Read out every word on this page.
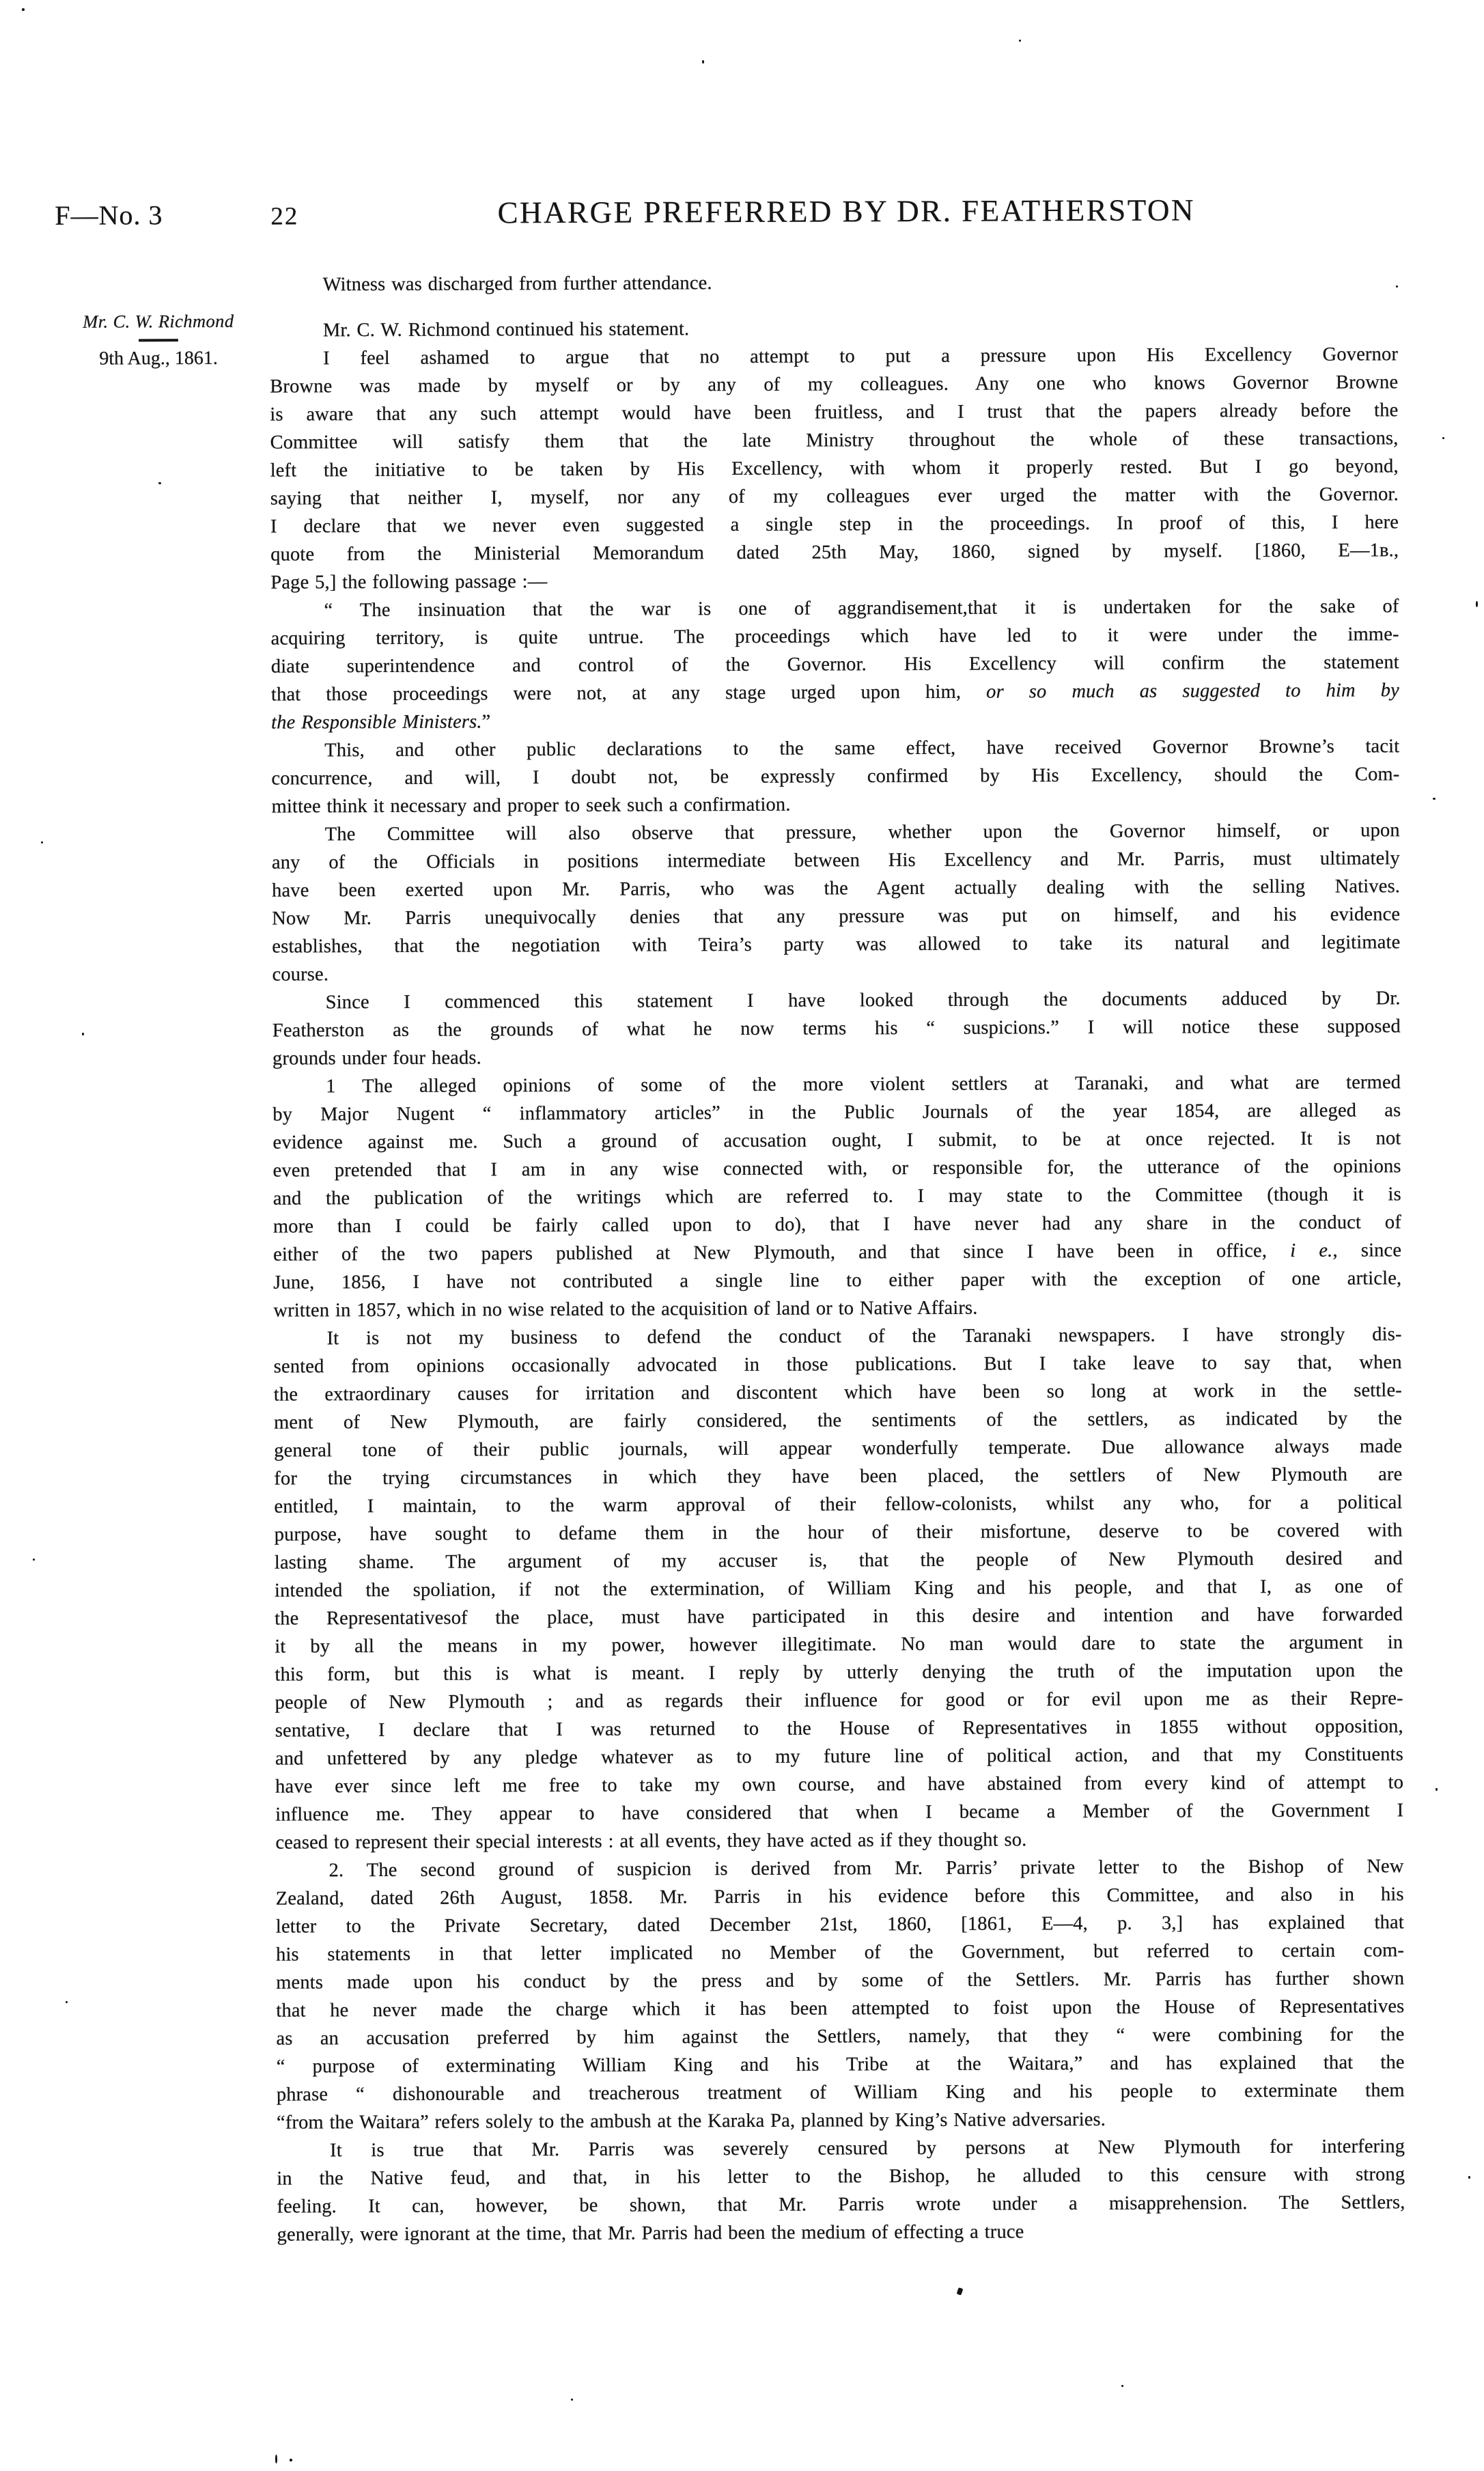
F—No. 3	22	CHARGE PREFERRED BY DR. FEATHERSTON
Mr. C. W. Richmond
9th Aug., 1861.
Witness was discharged from further attendance.
Mr. C. W. Richmond continued his statement.
I feel ashamed to argue that no attempt to put a pressure upon His Excellency Governor
Browne was made by myself or by any of my colleagues. Any one who knows Governor Browne
is aware that any such attempt would have been fruitless, and I trust that the papers already before the
Committee will satisfy them that the late Ministry throughout the whole of these transactions,
left the initiative to be taken by His Excellency, with whom it properly rested. But I go beyond,
saying that neither I, myself, nor any of my colleagues ever urged the matter with the Governor.
I declare that we never even suggested a single step in the proceedings. In proof of this, I here
quote from the Ministerial Memorandum dated 25th May, 1860, signed by myself. [1860, E—1ʙ.,
Page 5,] the following passage :—
“ The insinuation that the war is one of aggrandisement,that it is undertaken for the sake of
acquiring territory, is quite untrue. The proceedings which have led to it were under the imme-
diate superintendence and control of the Governor. His Excellency will confirm the statement
that those proceedings were not, at any stage urged upon him, or so much as suggested to him by
the Responsible Ministers.”
This, and other public declarations to the same effect, have received Governor Browne’s tacit
concurrence, and will, I doubt not, be expressly confirmed by His Excellency, should the Com-
mittee think it necessary and proper to seek such a confirmation.
The Committee will also observe that pressure, whether upon the Governor himself, or upon
any of the Officials in positions intermediate between His Excellency and Mr. Parris, must ultimately
have been exerted upon Mr. Parris, who was the Agent actually dealing with the selling Natives.
Now Mr. Parris unequivocally denies that any pressure was put on himself, and his evidence
establishes, that the negotiation with Teira’s party was allowed to take its natural and legitimate
course.
Since I commenced this statement I have looked through the documents adduced by Dr.
Featherston as the grounds of what he now terms his “ suspicions.” I will notice these supposed
grounds under four heads.
1 The alleged opinions of some of the more violent settlers at Taranaki, and what are termed
by Major Nugent “ inflammatory articles” in the Public Journals of the year 1854, are alleged as
evidence against me. Such a ground of accusation ought, I submit, to be at once rejected. It is not
even pretended that I am in any wise connected with, or responsible for, the utterance of the opinions
and the publication of the writings which are referred to. I may state to the Committee (though it is
more than I could be fairly called upon to do), that I have never had any share in the conduct of
either of the two papers published at New Plymouth, and that since I have been in office, i e., since
June, 1856, I have not contributed a single line to either paper with the exception of one article,
written in 1857, which in no wise related to the acquisition of land or to Native Affairs.
It is not my business to defend the conduct of the Taranaki newspapers. I have strongly dis-
sented from opinions occasionally advocated in those publications. But I take leave to say that, when
the extraordinary causes for irritation and discontent which have been so long at work in the settle-
ment of New Plymouth, are fairly considered, the sentiments of the settlers, as indicated by the
general tone of their public journals, will appear wonderfully temperate. Due allowance always made
for the trying circumstances in which they have been placed, the settlers of New Plymouth are
entitled, I maintain, to the warm approval of their fellow-colonists, whilst any who, for a political
purpose, have sought to defame them in the hour of their misfortune, deserve to be covered with
lasting shame. The argument of my accuser is, that the people of New Plymouth desired and
intended the spoliation, if not the extermination, of William King and his people, and that I, as one of
the Representativesof the place, must have participated in this desire and intention and have forwarded
it by all the means in my power, however illegitimate. No man would dare to state the argument in
this form, but this is what is meant. I reply by utterly denying the truth of the imputation upon the
people of New Plymouth ; and as regards their influence for good or for evil upon me as their Repre-
sentative, I declare that I was returned to the House of Representatives in 1855 without opposition,
and unfettered by any pledge whatever as to my future line of political action, and that my Constituents
have ever since left me free to take my own course, and have abstained from every kind of attempt to
influence me. They appear to have considered that when I became a Member of the Government I
ceased to represent their special interests : at all events, they have acted as if they thought so.
2. The second ground of suspicion is derived from Mr. Parris’ private letter to the Bishop of New
Zealand, dated 26th August, 1858. Mr. Parris in his evidence before this Committee, and also in his
letter to the Private Secretary, dated December 21st, 1860, [1861, E—4, p. 3,] has explained that
his statements in that letter implicated no Member of the Government, but referred to certain com-
ments made upon his conduct by the press and by some of the Settlers. Mr. Parris has further shown
that he never made the charge which it has been attempted to foist upon the House of Representatives
as an accusation preferred by him against the Settlers, namely, that they “ were combining for the
“ purpose of exterminating William King and his Tribe at the Waitara,” and has explained that the
phrase “ dishonourable and treacherous treatment of William King and his people to exterminate them
“from the Waitara” refers solely to the ambush at the Karaka Pa, planned by King’s Native adversaries.
It is true that Mr. Parris was severely censured by persons at New Plymouth for interfering
in the Native feud, and that, in his letter to the Bishop, he alluded to this censure with strong
feeling. It can, however, be shown, that Mr. Parris wrote under a misapprehension. The Settlers,
generally, were ignorant at the time, that Mr. Parris had been the medium of effecting a truce
